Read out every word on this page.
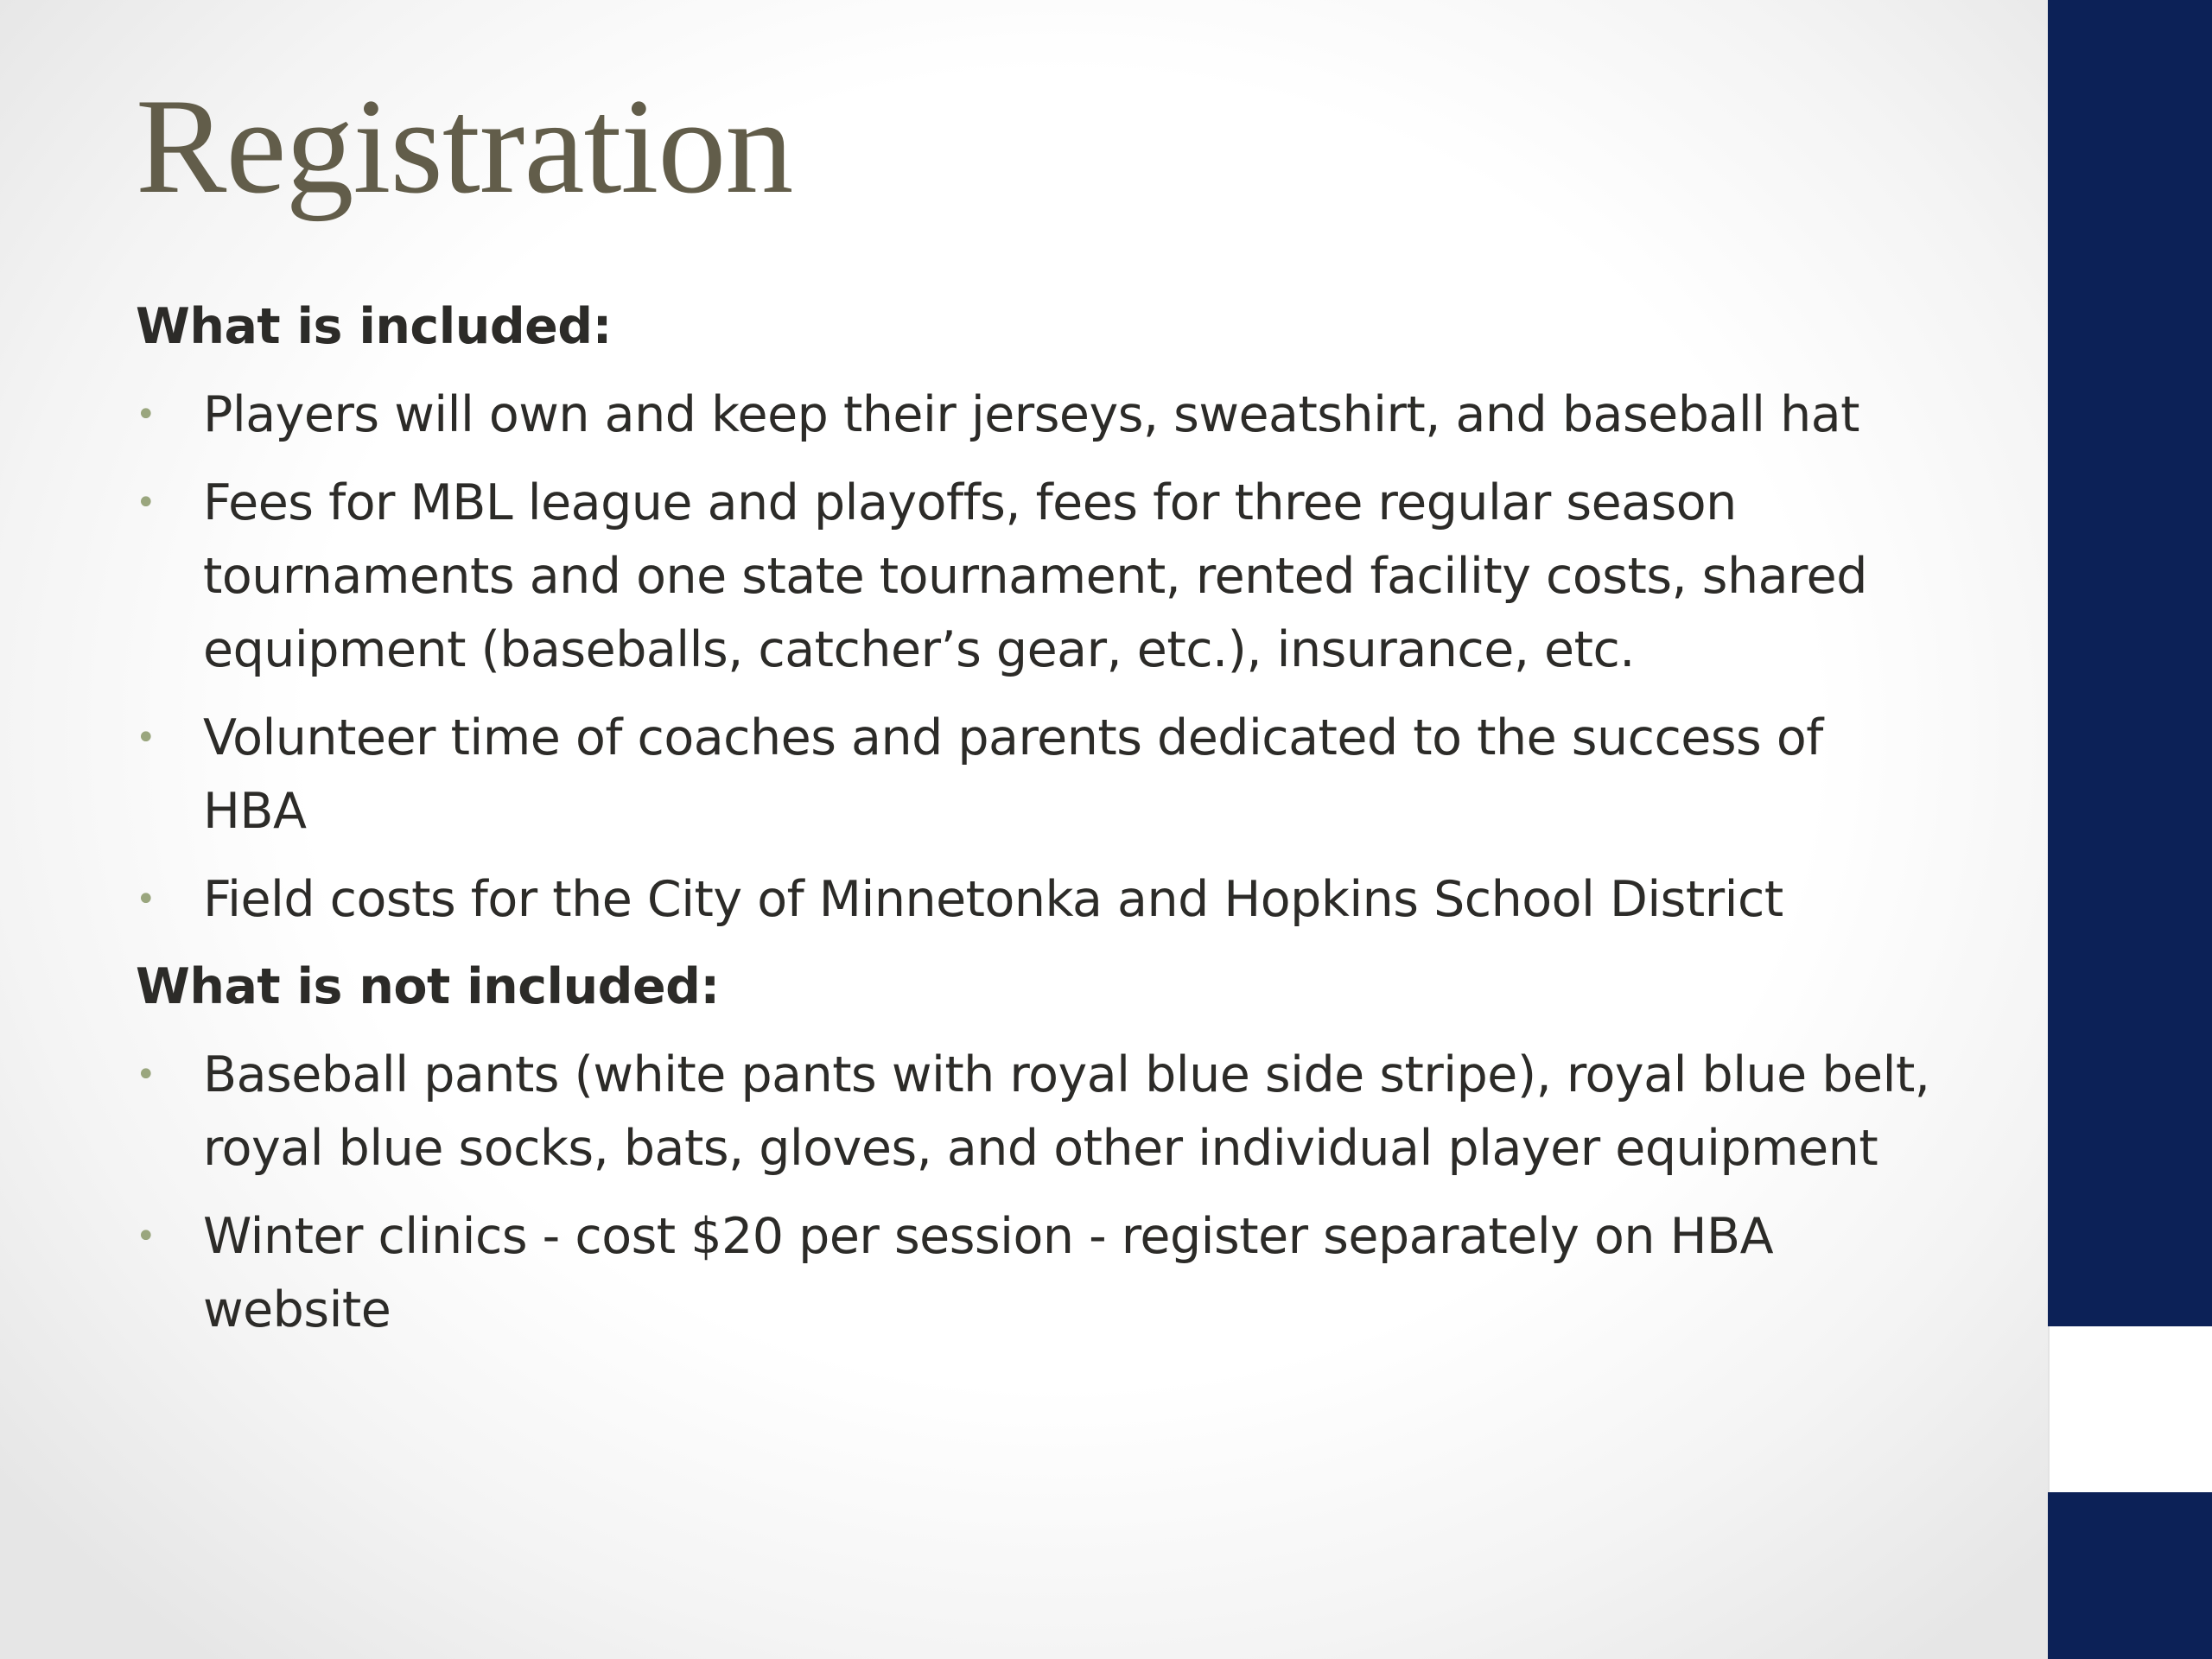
Registration

What is included:

• Players will own and keep their jerseys, sweatshirt, and baseball hat
• Fees for MBL league and playoffs, fees for three regular season tournaments and one state tournament, rented facility costs, shared equipment (baseballs, catcher’s gear, etc.), insurance, etc.
• Volunteer time of coaches and parents dedicated to the success of HBA
• Field costs for the City of Minnetonka and Hopkins School District

What is not included:

• Baseball pants (white pants with royal blue side stripe), royal blue belt, royal blue socks, bats, gloves, and other individual player equipment
• Winter clinics - cost $20 per session - register separately on HBA website
